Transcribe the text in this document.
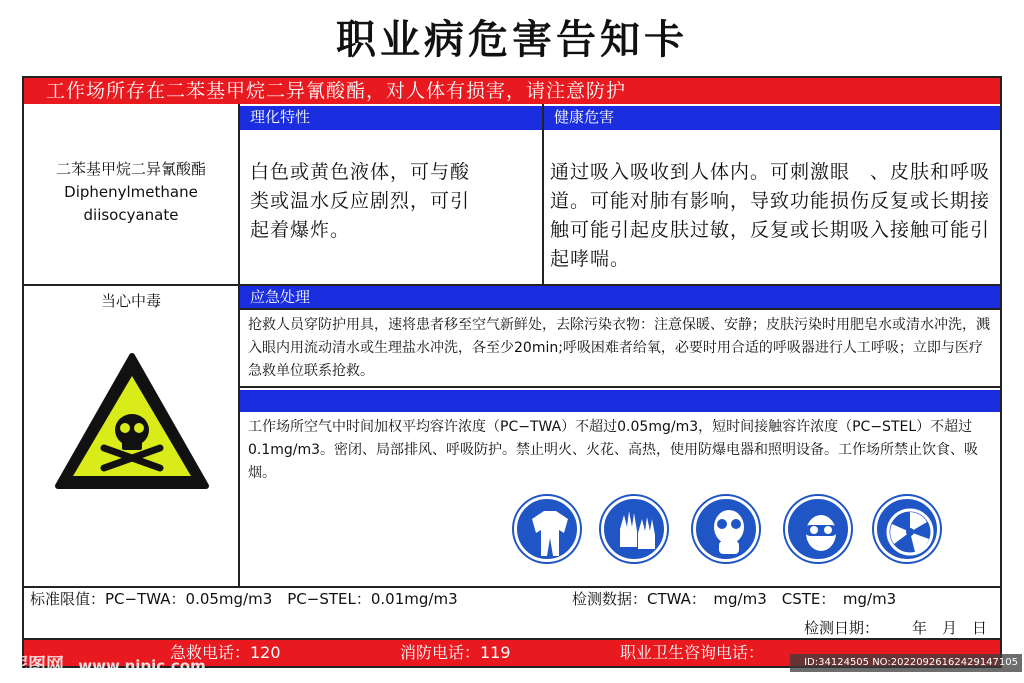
职业病危害告知卡
工作场所存在二苯基甲烷二异氰酸酯，对人体有损害，请注意防护
二苯基甲烷二异氰酸酯
Diphenylmethane
diisocyanate
理化特性
白色或黄色液体，可与酸类或温水反应剧烈，可引起着爆炸。
健康危害
通过吸入吸收到人体内。可刺激眼　、皮肤和呼吸道。可能对肺有影响，导致功能损伤反复或长期接触可能引起皮肤过敏，反复或长期吸入接触可能引起哮喘。
当心中毒	应急处理
抢救人员穿防护用具，速将患者移至空气新鲜处，去除污染衣物：注意保暖、安静；皮肤污染时用肥皂水或清水冲洗，溅入眼内用流动清水或生理盐水冲洗，各至少20min;呼吸困难者给氧，必要时用合适的呼吸器进行人工呼吸；立即与医疗急救单位联系抢救。
工作场所空气中时间加权平均容许浓度（PC−TWA）不超过0.05mg/m3，短时间接触容许浓度（PC−STEL）不超过0.1mg/m3。密闭、局部排风、呼吸防护。禁止明火、火花、高热，使用防爆电器和照明设备。工作场所禁止饮食、吸烟。
标准限值：PC−TWA：0.05mg/m3　PC−STEL：0.01mg/m3	检测数据：CTWA：　mg/m3　CSTE：　mg/m3
检测日期： 年　月　日
急救电话：120	消防电话：119	职业卫生咨询电话：
昵图网 www.nipic.com	ID:34124505 NO:20220926162429147105
